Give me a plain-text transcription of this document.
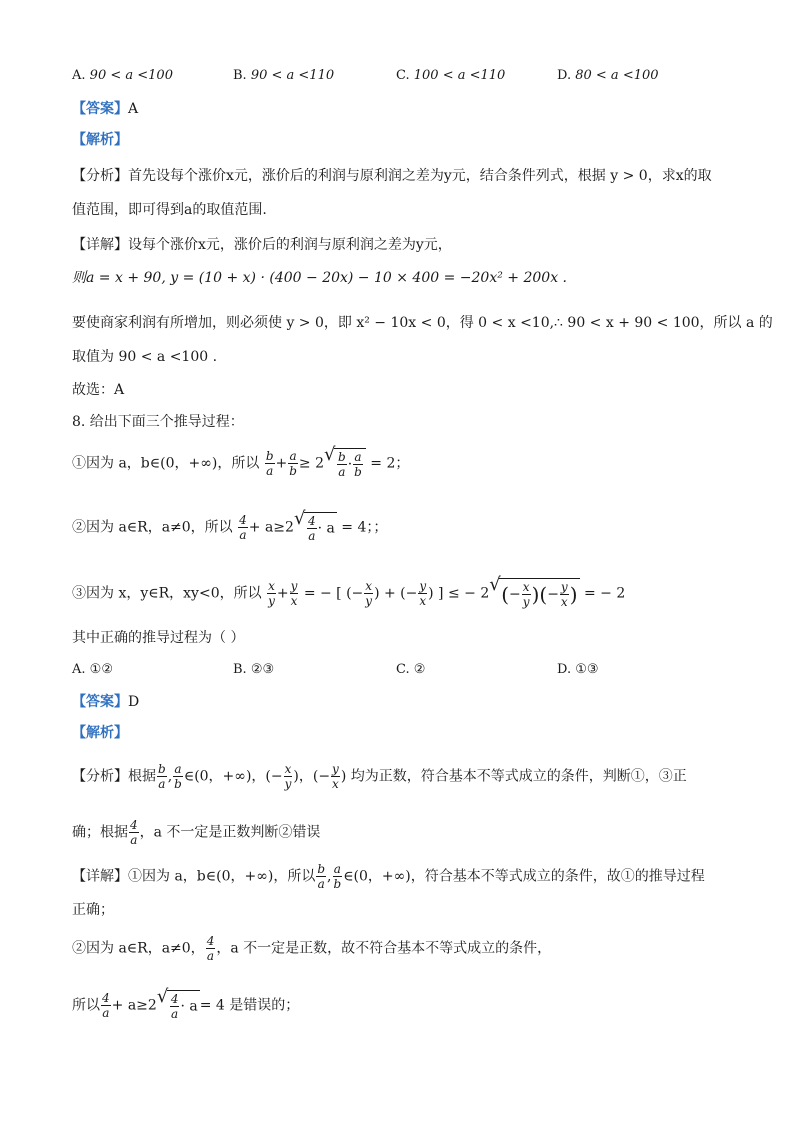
A. 90 < a <100	B. 90 < a <110	C. 100 < a <110	D. 80 < a <100
【答案】A
【解析】
【分析】首先设每个涨价x元，涨价后的利润与原利润之差为y元，结合条件列式，根据 y > 0，求x的取
值范围，即可得到a的取值范围.
【详解】设每个涨价x元，涨价后的利润与原利润之差为y元，
则a = x + 90, y = (10 + x) · (400 − 20x) − 10 × 400 = −20x² + 200x .
要使商家利润有所增加，则必须使 y > 0，即 x² − 10x < 0，得 0 < x <10,∴ 90 < x + 90 < 100，所以 a 的
取值为 90 < a <100 .
故选：A
8. 给出下面三个推导过程：
①因为 a，b∈(0，+∞)，所以 $\frac{b}{a} + \frac{a}{b} \ge 2$ √ $\frac{b}{a} \cdot \frac{a}{b} = 2$；
②因为 a∈R，a≠0，所以 $\frac{4}{a} + a\ge 2$ √ $\frac{4}{a} \cdot a = 4$；；
③因为 x，y∈R，xy<0，所以 $\frac{x}{y} + \frac{y}{x}$ = − [ (− $\frac{x}{y}$ ) + (− $\frac{y}{x}$ ) ] ≤ − 2 √ (− $\frac{x}{y}$ )(− $\frac{y}{x}$ ) = − 2
其中正确的推导过程为（ ）
A. ①②	B. ②③	C. ②	D. ①③
【答案】D
【解析】
【分析】根据 $\frac{b}{a}$ , $\frac{a}{b}$ ∈(0，+∞)，(− $\frac{x}{y}$ )，(− $\frac{y}{x}$ ) 均为正数，符合基本不等式成立的条件，判断①，③正
确；根据 $\frac{4}{a}$ ，a 不一定是正数判断②错误
【详解】①因为 a，b∈(0，+∞)，所以 $\frac{b}{a}$ , $\frac{a}{b}$ ∈(0，+∞)，符合基本不等式成立的条件，故①的推导过程
正确；
②因为 a∈R，a≠0， $\frac{4}{a}$ ，a 不一定是正数，故不符合基本不等式成立的条件，
所以 $\frac{4}{a} + a\ge 2$ √ $\frac{4}{a} \cdot a = 4$ 是错误的；
